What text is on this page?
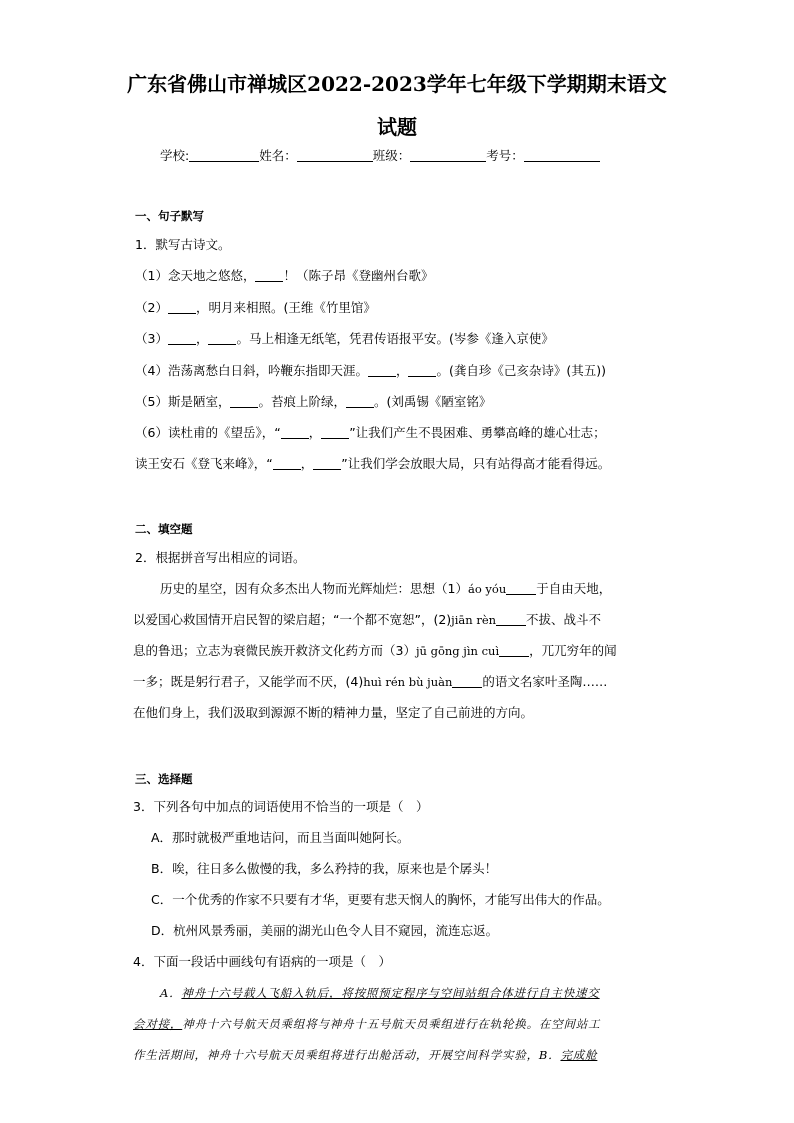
广东省佛山市禅城区2022-2023学年七年级下学期期末语文
试题
学校:	姓名：	班级：	考号：
一、句子默写
1．默写古诗文。
（1）念天地之悠悠， ！（陈子昂《登幽州台歌》
（2） ，明月来相照。(王维《竹里馆》
（3） ， 。马上相逢无纸笔，凭君传语报平安。(岑参《逢入京使》
（4）浩荡离愁白日斜，吟鞭东指即天涯。 ， 。(龚自珍《己亥杂诗》(其五))
（5）斯是陋室， 。苔痕上阶绿， 。(刘禹锡《陋室铭》
（6）读杜甫的《望岳》，“ ， ”让我们产生不畏困难、勇攀高峰的雄心壮志；
读王安石《登飞来峰》，“ ， ”让我们学会放眼大局，只有站得高才能看得远。
二、填空题
2．根据拼音写出相应的词语。
历史的星空，因有众多杰出人物而光辉灿烂：思想（1）áo yóu 于自由天地，
以爱国心救国情开启民智的梁启超；“一个都不宽恕”，(2)jiān rèn 不拔、战斗不
息的鲁迅；立志为衰微民族开救济文化药方而（3）jū gōng jìn cuì ，兀兀穷年的闻
一多；既是躬行君子，又能学而不厌，(4)huì rén bù juàn 的语文名家叶圣陶……
在他们身上，我们汲取到源源不断的精神力量，坚定了自己前进的方向。
三、选择题
3．下列各句中加点的词语使用不恰当的一项是（　）
A．那时就极严重地诘问，而且当面叫她阿长。
B．唉，往日多么傲慢的我，多么矜持的我，原来也是个孱头！
C．一个优秀的作家不只要有才华，更要有悲天悯人的胸怀，才能写出伟大的作品。
D．杭州风景秀丽，美丽的湖光山色令人目不窥园，流连忘返。
4．下面一段话中画线句有语病的一项是（　）
A．神舟十六号载人飞船入轨后，将按照预定程序与空间站组合体进行自主快速交
会对接，神舟十六号航天员乘组将与神舟十五号航天员乘组进行在轨轮换。在空间站工
作生活期间，神舟十六号航天员乘组将进行出舱活动，开展空间科学实验，B．完成舱
